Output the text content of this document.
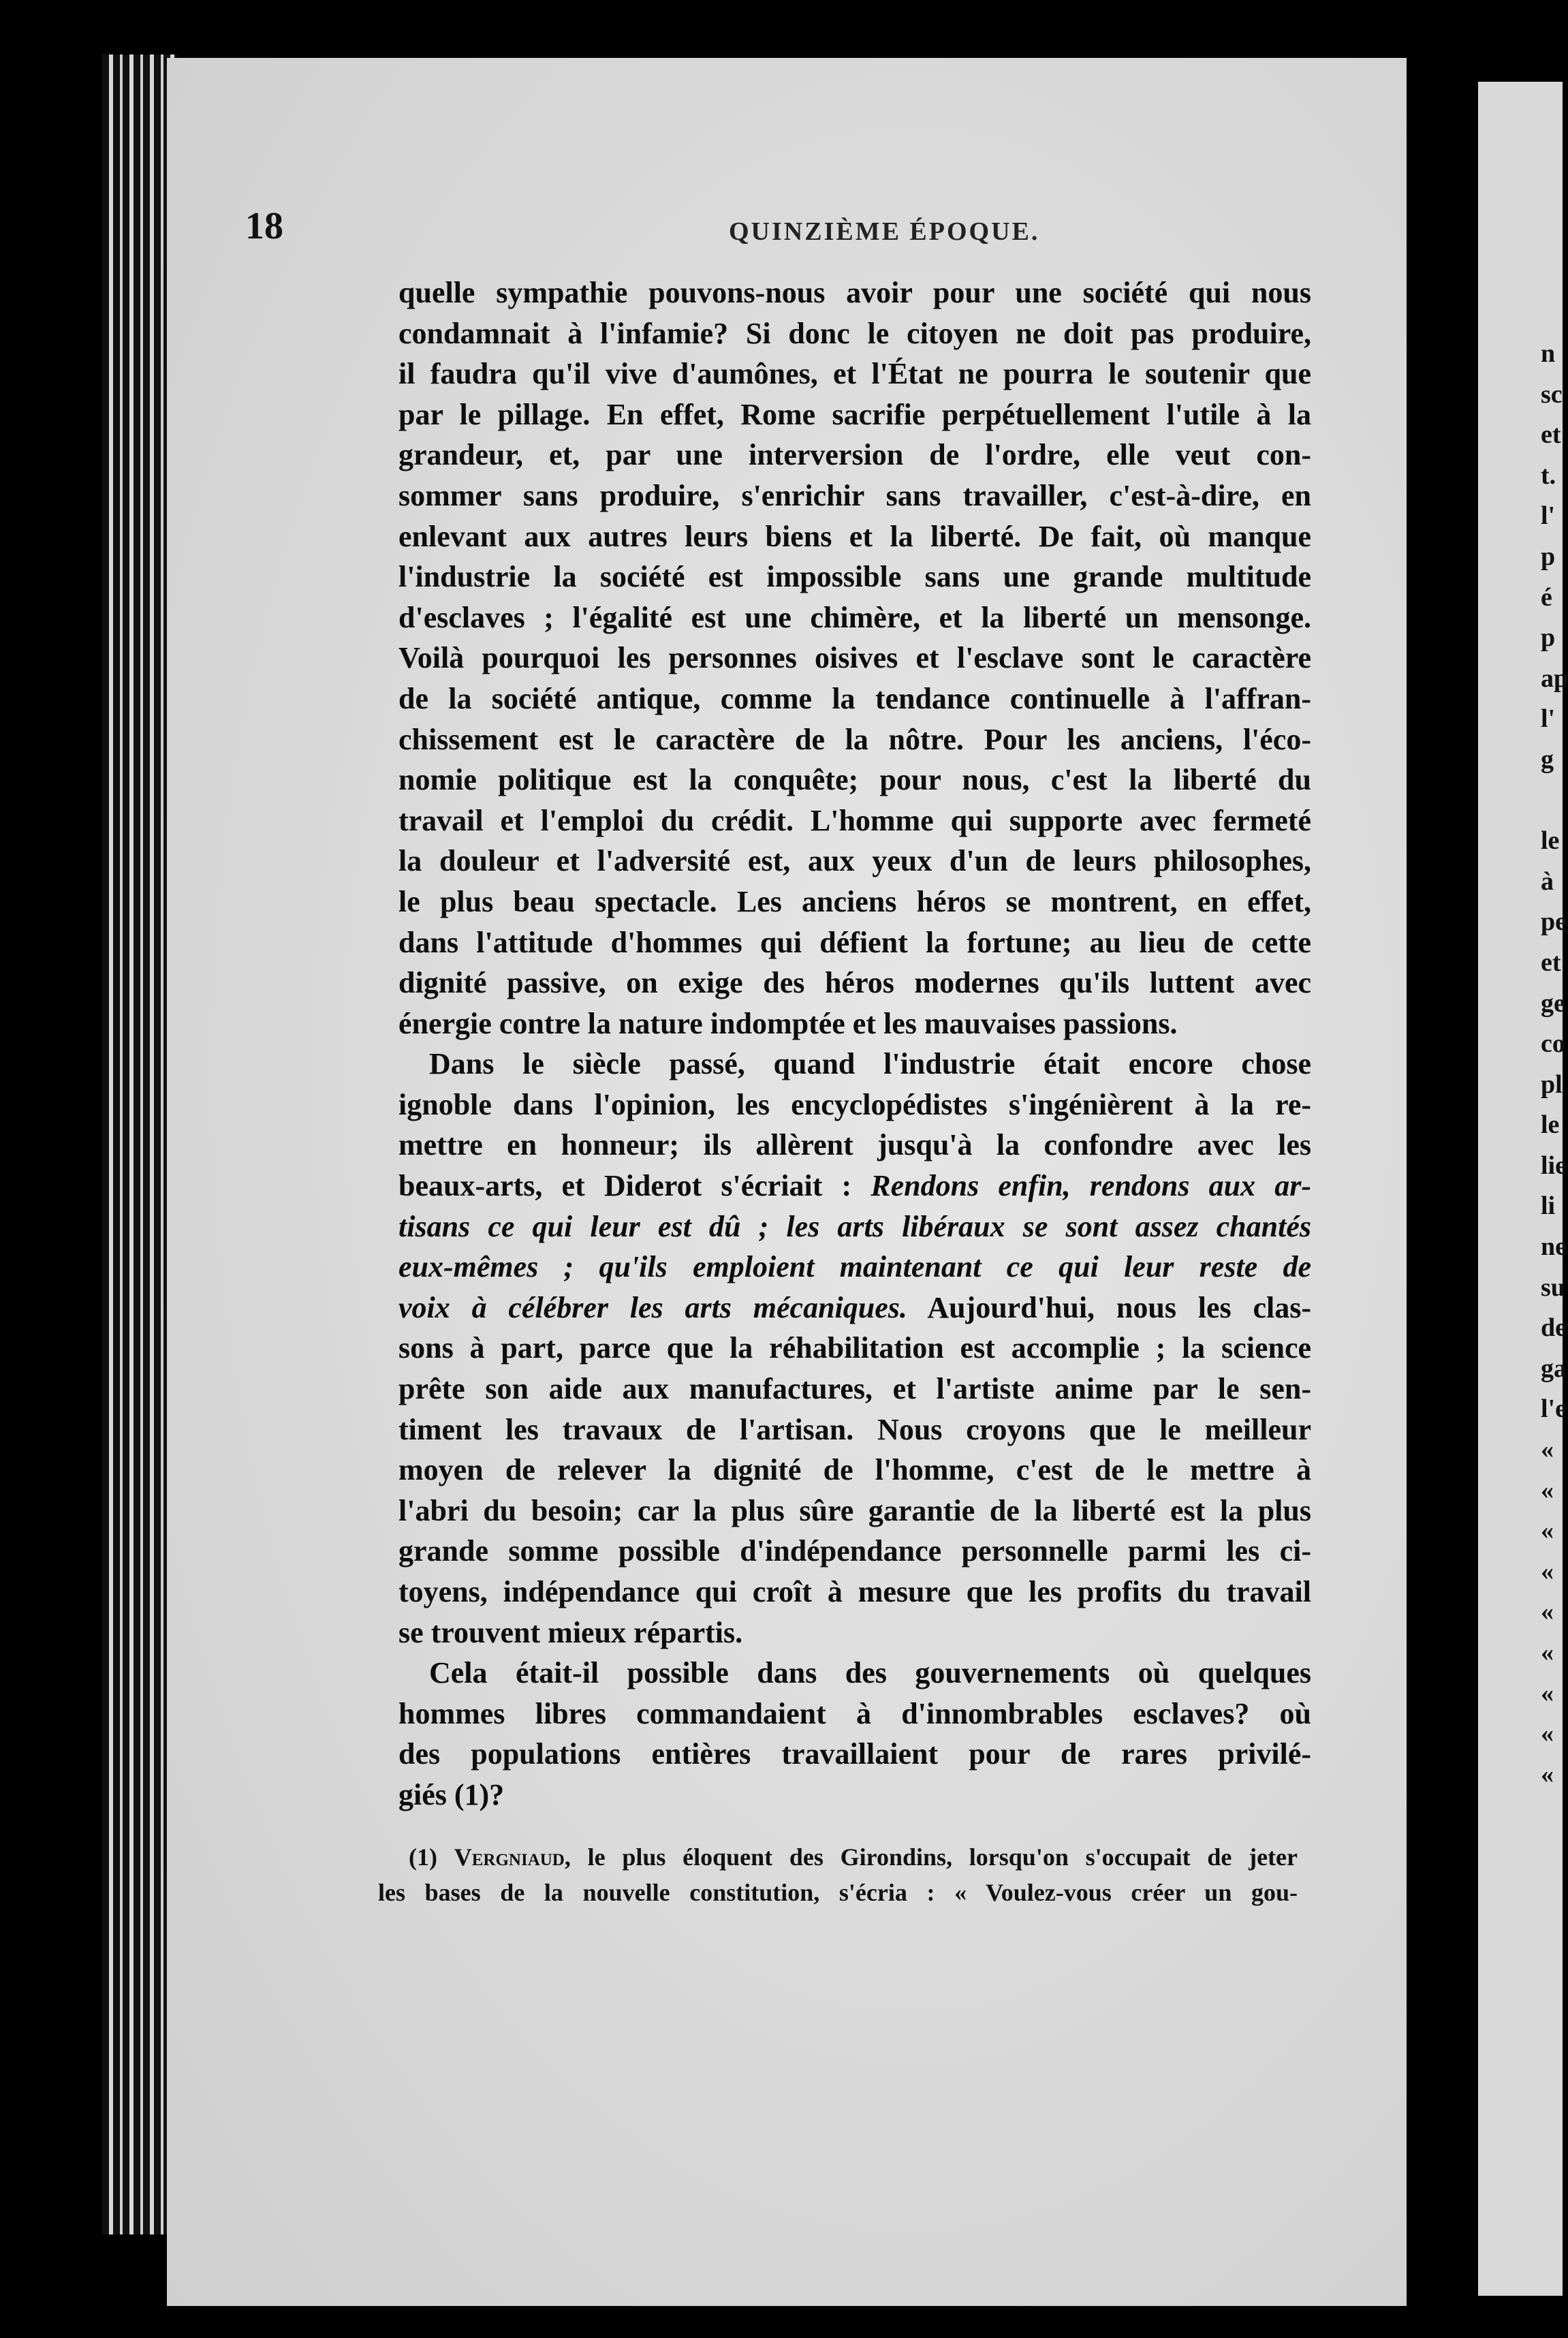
18	QUINZIÈME ÉPOQUE.
quelle sympathie pouvons-nous avoir pour une société qui nous
condamnait à l'infamie? Si donc le citoyen ne doit pas produire,
il faudra qu'il vive d'aumônes, et l'État ne pourra le soutenir que
par le pillage. En effet, Rome sacrifie perpétuellement l'utile à la
grandeur, et, par une interversion de l'ordre, elle veut con-
sommer sans produire, s'enrichir sans travailler, c'est-à-dire, en
enlevant aux autres leurs biens et la liberté. De fait, où manque
l'industrie la société est impossible sans une grande multitude
d'esclaves ; l'égalité est une chimère, et la liberté un mensonge.
Voilà pourquoi les personnes oisives et l'esclave sont le caractère
de la société antique, comme la tendance continuelle à l'affran-
chissement est le caractère de la nôtre. Pour les anciens, l'éco-
nomie politique est la conquête; pour nous, c'est la liberté du
travail et l'emploi du crédit. L'homme qui supporte avec fermeté
la douleur et l'adversité est, aux yeux d'un de leurs philosophes,
le plus beau spectacle. Les anciens héros se montrent, en effet,
dans l'attitude d'hommes qui défient la fortune; au lieu de cette
dignité passive, on exige des héros modernes qu'ils luttent avec
énergie contre la nature indomptée et les mauvaises passions.
Dans le siècle passé, quand l'industrie était encore chose
ignoble dans l'opinion, les encyclopédistes s'ingénièrent à la re-
mettre en honneur; ils allèrent jusqu'à la confondre avec les
beaux-arts, et Diderot s'écriait : Rendons enfin, rendons aux ar-
tisans ce qui leur est dû ; les arts libéraux se sont assez chantés
eux-mêmes ; qu'ils emploient maintenant ce qui leur reste de
voix à célébrer les arts mécaniques. Aujourd'hui, nous les clas-
sons à part, parce que la réhabilitation est accomplie ; la science
prête son aide aux manufactures, et l'artiste anime par le sen-
timent les travaux de l'artisan. Nous croyons que le meilleur
moyen de relever la dignité de l'homme, c'est de le mettre à
l'abri du besoin; car la plus sûre garantie de la liberté est la plus
grande somme possible d'indépendance personnelle parmi les ci-
toyens, indépendance qui croît à mesure que les profits du travail
se trouvent mieux répartis.
Cela était-il possible dans des gouvernements où quelques
hommes libres commandaient à d'innombrables esclaves? où
des populations entières travaillaient pour de rares privilé-
giés (1)?
(1) Vergniaud, le plus éloquent des Girondins, lorsqu'on s'occupait de jeter
les bases de la nouvelle constitution, s'écria : « Voulez-vous créer un gou-
n
sc
et
t.
l'
p
é
p
ap
l'
g
le
à
pe
et
ge
co
pl
le
lie
li
ne
su
de
ga
l'e
«
«
«
«
«
«
«
«
«
